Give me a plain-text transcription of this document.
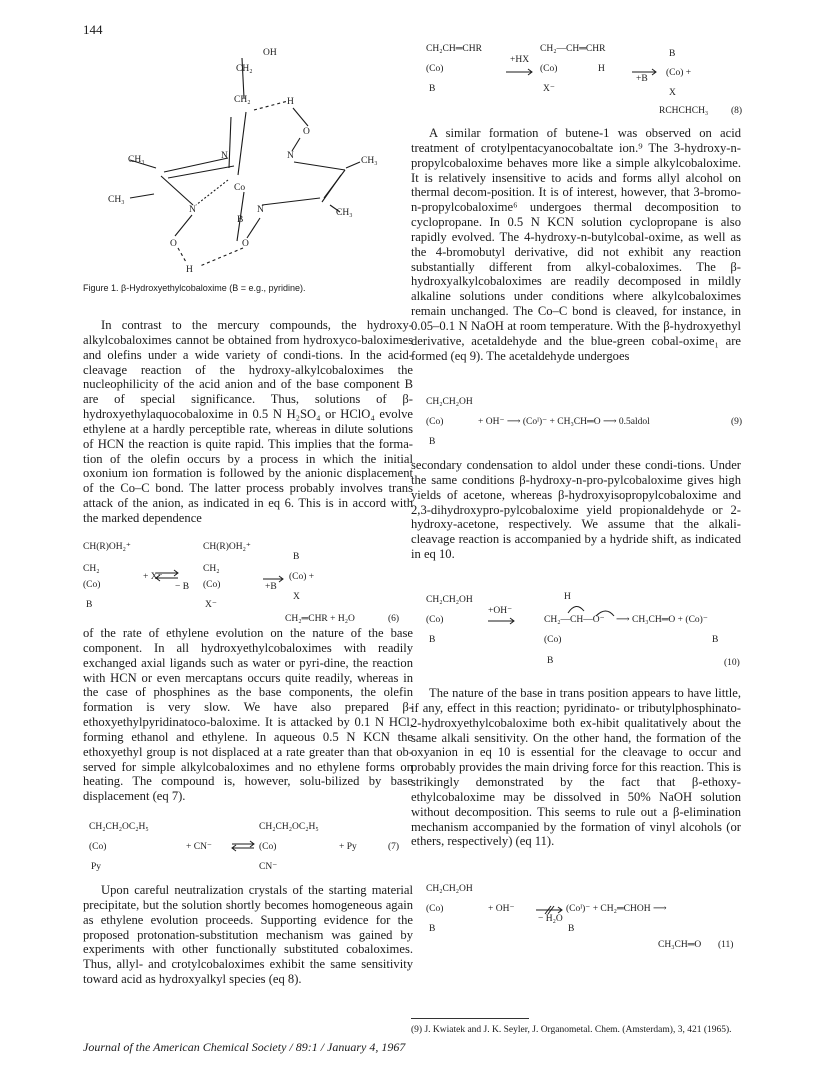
144
OH
CH₂
CH₂	H
O
N	N
CH₃	CH₃
Co
CH₃
N	N	CH₃
B
O	O
H
Figure 1. β-Hydroxyethylcobaloxime (B = e.g., pyridine).

In contrast to the mercury compounds, the hydroxy-alkylcobaloximes cannot be obtained from hydroxyco-baloximes and olefins under a wide variety of condi-tions. In the acid-cleavage reaction of the hydroxy-alkylcobaloximes the nucleophilicity of the acid anion and of the base component B are of special significance. Thus, solutions of β-hydroxyethylaquocobaloxime in 0.5 N H₂SO₄ or HClO₄ evolve ethylene at a hardly perceptible rate, whereas in dilute solutions of HCN the reaction is quite rapid. This implies that the forma-tion of the olefin occurs by a process in which the initial oxonium ion formation is followed by the anionic displacement of the Co–C bond. The latter process probably involves trans attack of the anion, as indicated in eq 6. This is in accord with the marked dependence

CH(R)OH₂⁺
CH₂
(Co)
B
+ X⁻
− B
CH(R)OH₂⁺
CH₂
(Co)
X⁻
+B
B
(Co) +
X
CH₂═CHR + H₂O	(6)

of the rate of ethylene evolution on the nature of the base component. In all hydroxyethylcobaloximes with readily exchanged axial ligands such as water or pyri-dine, the reaction with HCN or even mercaptans occurs quite readily, whereas in the case of phosphines as the base components, the olefin formation is very slow. We have also prepared β-ethoxyethylpyridinatoco-baloxime. It is attacked by 0.1 N HCl, forming ethanol and ethylene. In aqueous 0.5 N KCN the ethoxyethyl group is not displaced at a rate greater than that ob-served for simple alkylcobaloximes and no ethylene forms on heating. The compound is, however, solu-bilized by base displacement (eq 7).

CH₂CH₂OC₂H₅
(Co)
Py
+ CN⁻
CH₂CH₂OC₂H₅
(Co)
CN⁻
+ Py	(7)

Upon careful neutralization crystals of the starting material precipitate, but the solution shortly becomes homogeneous again as ethylene evolution proceeds. Supporting evidence for the proposed protonation-substitution mechanism was gained by experiments with other functionally substituted cobaloximes. Thus, allyl- and crotylcobaloximes exhibit the same sensitivity toward acid as hydroxyalkyl species (eq 8).

CH₂CH═CHR
(Co)
B
+HX
CH₂—CH═CHR
(Co)
X⁻
H
+B
B
(Co) +
X
RCHCHCH₃ (8)

A similar formation of butene-1 was observed on acid treatment of crotylpentacyanocobaltate ion.⁹ The 3-hydroxy-n-propylcobaloxime behaves more like a simple alkylcobaloxime. It is relatively insensitive to acids and forms allyl alcohol on thermal decom-position. It is of interest, however, that 3-bromo-n-propylcobaloxime⁶ undergoes thermal decomposition to cyclopropane. In 0.5 N KCN solution cyclopropane is also rapidly evolved. The 4-hydroxy-n-butylcobal-oxime, as well as the 4-bromobutyl derivative, did not exhibit any reaction substantially different from alkyl-cobaloximes. The β-hydroxyalkylcobaloximes are readily decomposed in mildly alkaline solutions under conditions where alkylcobaloximes remain unchanged. The Co–C bond is cleaved, for instance, in 0.05–0.1 N NaOH at room temperature. With the β-hydroxyethyl derivative, acetaldehyde and the blue-green cobal-oxime₁ are formed (eq 9). The acetaldehyde undergoes

CH₂CH₂OH
(Co)
B
+ OH⁻ ⟶ (Coᴵ)⁻ + CH₃CH═O ⟶ 0.5aldol	(9)

secondary condensation to aldol under these condi-tions. Under the same conditions β-hydroxy-n-pro-pylcobaloxime gives high yields of acetone, whereas β-hydroxyisopropylcobaloxime and 2,3-dihydroxypro-pylcobaloxime yield propionaldehyde or 2-hydroxy-acetone, respectively. We assume that the alkali-cleavage reaction is accompanied by a hydride shift, as indicated in eq 10.

CH₂CH₂OH
(Co)
B
+OH⁻
H
CH₂—CH—O⁻
(Co)
B
⟶ CH₃CH═O + (Co)⁻
B
(10)

The nature of the base in trans position appears to have little, if any, effect in this reaction; pyridinato- or tributylphosphinato-2-hydroxyethylcobaloxime both ex-hibit qualitatively about the same alkali sensitivity. On the other hand, the formation of the oxyanion in eq 10 is essential for the cleavage to occur and probably provides the main driving force for this reaction. This is strikingly demonstrated by the fact that β-ethoxy-ethylcobaloxime may be dissolved in 50% NaOH solution without decomposition. This seems to rule out a β-elimination mechanism accompanied by the formation of vinyl alcohols (or ethers, respectively) (eq 11).

CH₂CH₂OH
(Co)
B
+ OH⁻
− H₂O
(Coᴵ)⁻ + CH₂═CHOH ⟶
B
CH₃CH═O (11)
(9) J. Kwiatek and J. K. Seyler, J. Organometal. Chem. (Amsterdam), 3, 421 (1965).
Journal of the American Chemical Society / 89:1 / January 4, 1967
